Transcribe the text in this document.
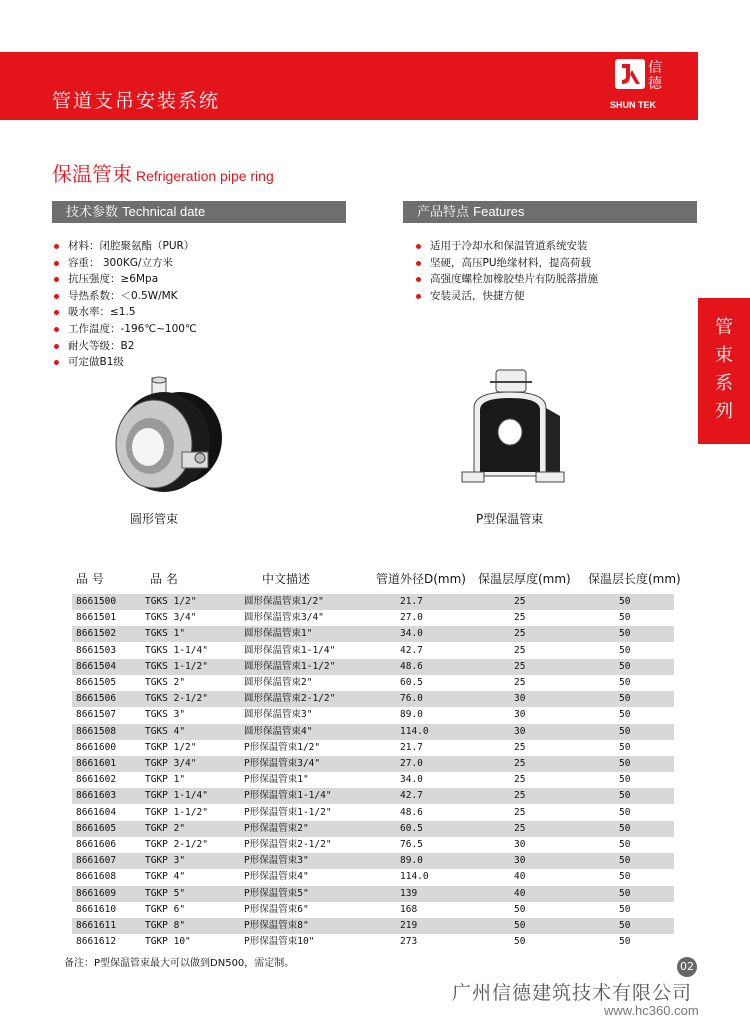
管道支吊安装系统
信德
SHUN TEK
保温管束 Refrigeration pipe ring
技术参数 Technical date	产品特点 Features
材料：闭腔聚氨酯（PUR）
容重： 300KG/立方米
抗压强度：≥6Mpa
导热系数：＜0.5W/MK
吸水率：≤1.5
工作温度：-196℃~100℃
耐火等级：B2
可定做B1级
适用于冷却水和保温管道系统安装
坚硬，高压PU绝缘材料，提高荷载
高强度螺栓加橡胶垫片有防脱落措施
安装灵活，快捷方便
管
束
系
列
圆形管束	P型保温管束
品 号	品 名	中文描述	管道外径D(mm) 保温层厚度(mm) 保温层长度(mm)
8661500	TGKS 1/2"	圆形保温管束1/2"	21.7	25	50
8661501	TGKS 3/4"	圆形保温管束3/4"	27.0	25	50
8661502	TGKS 1"	圆形保温管束1"	34.0	25	50
8661503	TGKS 1-1/4"	圆形保温管束1-1/4"	42.7	25	50
8661504	TGKS 1-1/2"	圆形保温管束1-1/2"	48.6	25	50
8661505	TGKS 2"	圆形保温管束2"	60.5	25	50
8661506	TGKS 2-1/2"	圆形保温管束2-1/2"	76.0	30	50
8661507	TGKS 3"	圆形保温管束3"	89.0	30	50
8661508	TGKS 4"	圆形保温管束4"	114.0	30	50
8661600	TGKP 1/2"	P形保温管束1/2"	21.7	25	50
8661601	TGKP 3/4"	P形保温管束3/4"	27.0	25	50
8661602	TGKP 1"	P形保温管束1"	34.0	25	50
8661603	TGKP 1-1/4"	P形保温管束1-1/4"	42.7	25	50
8661604	TGKP 1-1/2"	P形保温管束1-1/2"	48.6	25	50
8661605	TGKP 2"	P形保温管束2"	60.5	25	50
8661606	TGKP 2-1/2"	P形保温管束2-1/2"	76.5	30	50
8661607	TGKP 3"	P形保温管束3"	89.0	30	50
8661608	TGKP 4"	P形保温管束4"	114.0	40	50
8661609	TGKP 5"	P形保温管束5"	139	40	50
8661610	TGKP 6"	P形保温管束6"	168	50	50
8661611	TGKP 8"	P形保温管束8"	219	50	50
8661612	TGKP 10"	P形保温管束10"	273	50	50
备注：P型保温管束最大可以做到DN500，需定制。	02
广州信德建筑技术有限公司
www.hc360.com
